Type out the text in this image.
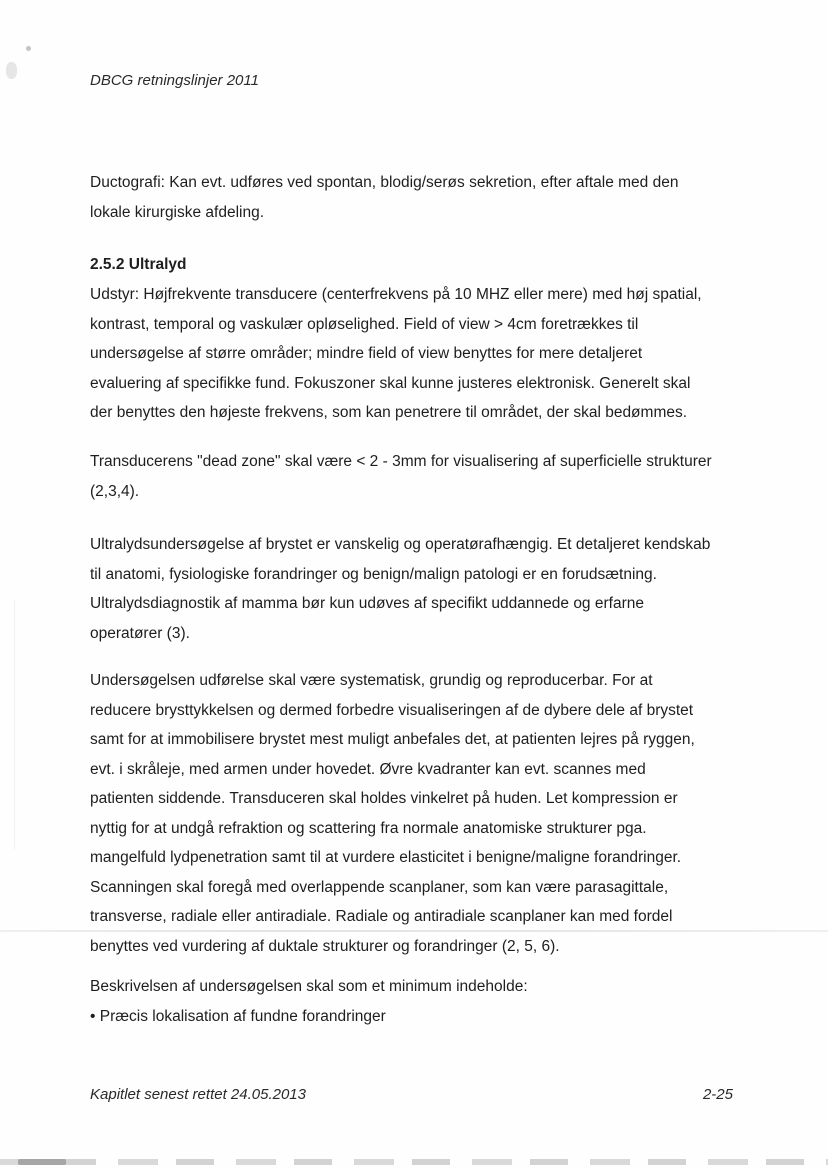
DBCG retningslinjer 2011
Ductografi: Kan evt. udføres ved spontan, blodig/serøs sekretion, efter aftale med den
lokale kirurgiske afdeling.
2.5.2 Ultralyd
Udstyr: Højfrekvente transducere (centerfrekvens på 10 MHZ eller mere) med høj spatial,
kontrast, temporal og vaskulær opløselighed. Field of view > 4cm foretrækkes til
undersøgelse af større områder; mindre field of view benyttes for mere detaljeret
evaluering af specifikke fund. Fokuszoner skal kunne justeres elektronisk. Generelt skal
der benyttes den højeste frekvens, som kan penetrere til området, der skal bedømmes.
Transducerens "dead zone" skal være < 2 - 3mm for visualisering af superficielle strukturer
(2,3,4).
Ultralydsundersøgelse af brystet er vanskelig og operatørafhængig. Et detaljeret kendskab
til anatomi, fysiologiske forandringer og benign/malign patologi er en forudsætning.
Ultralydsdiagnostik af mamma bør kun udøves af specifikt uddannede og erfarne
operatører (3).
Undersøgelsen udførelse skal være systematisk, grundig og reproducerbar. For at
reducere brysttykkelsen og dermed forbedre visualiseringen af de dybere dele af brystet
samt for at immobilisere brystet mest muligt anbefales det, at patienten lejres på ryggen,
evt. i skråleje, med armen under hovedet. Øvre kvadranter kan evt. scannes med
patienten siddende. Transduceren skal holdes vinkelret på huden. Let kompression er
nyttig for at undgå refraktion og scattering fra normale anatomiske strukturer pga.
mangelfuld lydpenetration samt til at vurdere elasticitet i benigne/maligne forandringer.
Scanningen skal foregå med overlappende scanplaner, som kan være parasagittale,
transverse, radiale eller antiradiale. Radiale og antiradiale scanplaner kan med fordel
benyttes ved vurdering af duktale strukturer og forandringer (2, 5, 6).
Beskrivelsen af undersøgelsen skal som et minimum indeholde:
• Præcis lokalisation af fundne forandringer
Kapitlet senest rettet 24.05.2013	2-25
